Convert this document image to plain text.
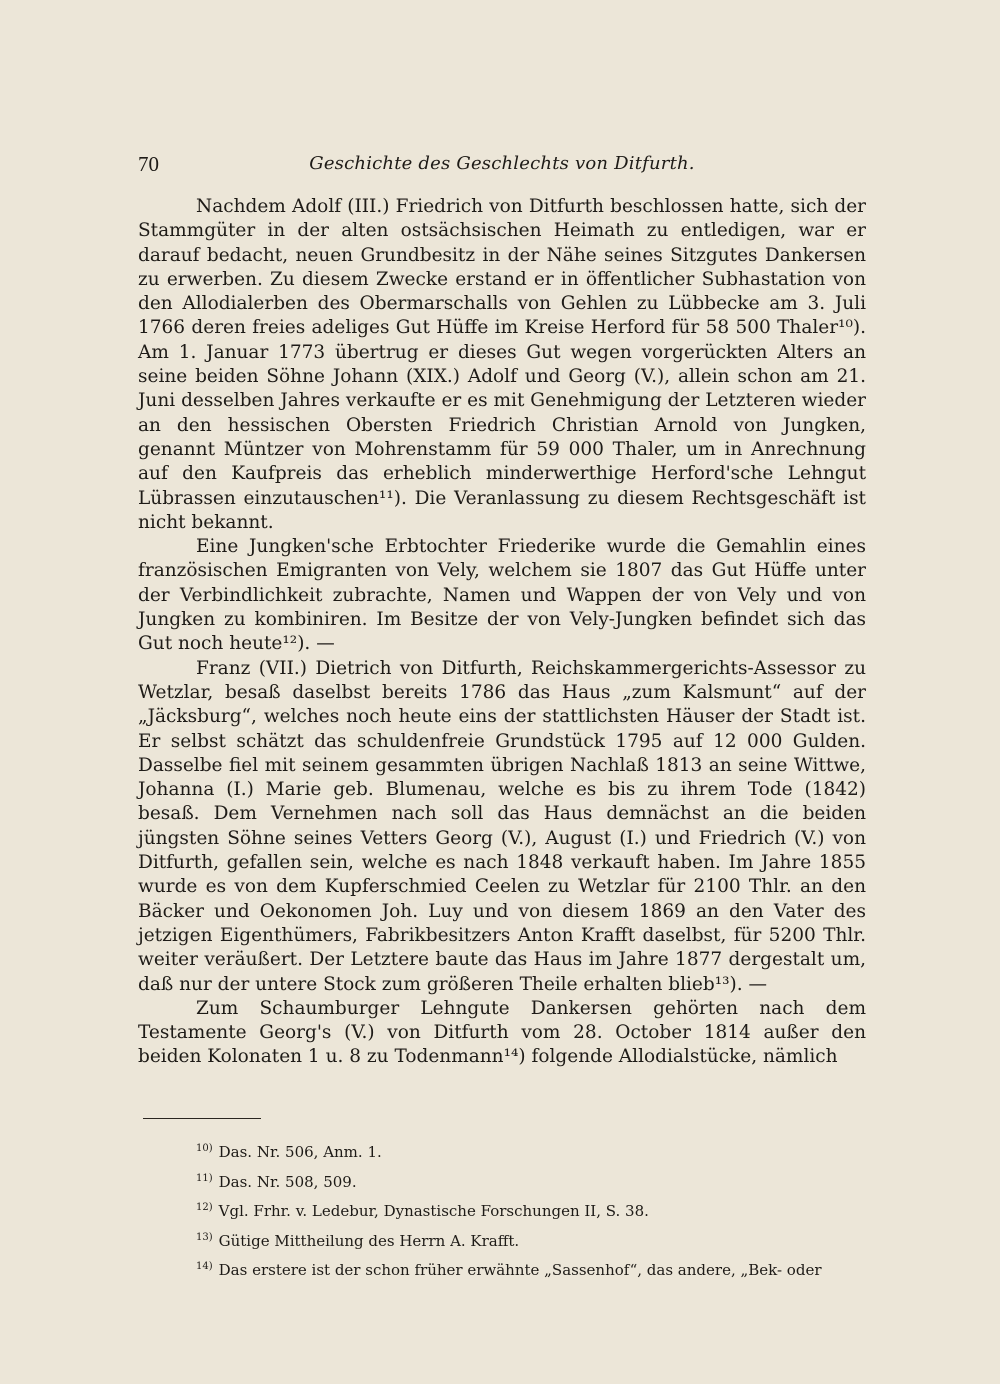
70	Geschichte des Geschlechts von Ditfurth.

Nachdem Adolf (III.) Friedrich von Ditfurth beschlossen hatte, sich der Stammgüter in der alten ostsächsischen Heimath zu entledigen, war er darauf bedacht, neuen Grundbesitz in der Nähe seines Sitzgutes Dankersen zu erwerben. Zu diesem Zwecke erstand er in öffentlicher Subhastation von den Allodialerben des Obermarschalls von Gehlen zu Lübbecke am 3. Juli 1766 deren freies adeliges Gut Hüffe im Kreise Herford für 58 500 Thaler¹⁰). Am 1. Januar 1773 übertrug er dieses Gut wegen vorgerückten Alters an seine beiden Söhne Johann (XIX.) Adolf und Georg (V.), allein schon am 21. Juni desselben Jahres verkaufte er es mit Genehmigung der Letzteren wieder an den hessischen Obersten Friedrich Christian Arnold von Jungken, genannt Müntzer von Mohrenstamm für 59 000 Thaler, um in Anrechnung auf den Kaufpreis das erheblich minderwerthige Herford'sche Lehngut Lübrassen einzutauschen¹¹). Die Veranlassung zu diesem Rechtsgeschäft ist nicht bekannt.

Eine Jungken'sche Erbtochter Friederike wurde die Gemahlin eines französischen Emigranten von Vely, welchem sie 1807 das Gut Hüffe unter der Verbindlichkeit zubrachte, Namen und Wappen der von Vely und von Jungken zu kombiniren. Im Besitze der von Vely-Jungken befindet sich das Gut noch heute¹²). —

Franz (VII.) Dietrich von Ditfurth, Reichskammergerichts-Assessor zu Wetzlar, besaß daselbst bereits 1786 das Haus „zum Kalsmunt“ auf der „Jäcksburg“, welches noch heute eins der stattlichsten Häuser der Stadt ist. Er selbst schätzt das schuldenfreie Grundstück 1795 auf 12 000 Gulden. Dasselbe fiel mit seinem gesammten übrigen Nachlaß 1813 an seine Wittwe, Johanna (I.) Marie geb. Blumenau, welche es bis zu ihrem Tode (1842) besaß. Dem Vernehmen nach soll das Haus demnächst an die beiden jüngsten Söhne seines Vetters Georg (V.), August (I.) und Friedrich (V.) von Ditfurth, gefallen sein, welche es nach 1848 verkauft haben. Im Jahre 1855 wurde es von dem Kupferschmied Ceelen zu Wetzlar für 2100 Thlr. an den Bäcker und Oekonomen Joh. Luy und von diesem 1869 an den Vater des jetzigen Eigenthümers, Fabrikbesitzers Anton Krafft daselbst, für 5200 Thlr. weiter veräußert. Der Letztere baute das Haus im Jahre 1877 dergestalt um, daß nur der untere Stock zum größeren Theile erhalten blieb¹³). —

Zum Schaumburger Lehngute Dankersen gehörten nach dem Testamente Georg's (V.) von Ditfurth vom 28. October 1814 außer den beiden Kolonaten 1 u. 8 zu Todenmann¹⁴) folgende Allodialstücke, nämlich

$^{10)}$ Das. Nr. 506, Anm. 1.
$^{11)}$ Das. Nr. 508, 509.
$^{12)}$ Vgl. Frhr. v. Ledebur, Dynastische Forschungen II, S. 38.
$^{13)}$ Gütige Mittheilung des Herrn A. Krafft.
$^{14)}$ Das erstere ist der schon früher erwähnte „Sassenhof“, das andere, „Bek- oder
